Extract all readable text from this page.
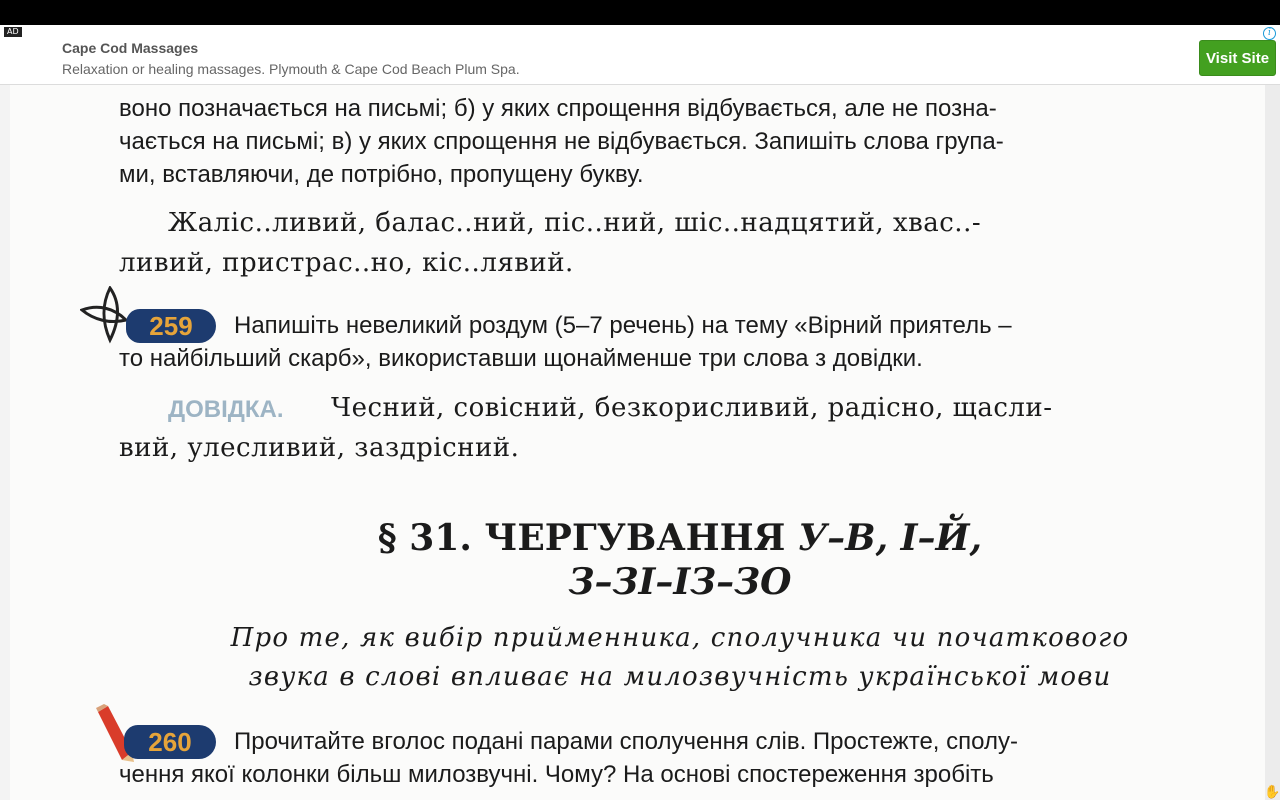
воно позначається на письмі; б) у яких спрощення відбувається, але не позна-
чається на письмі; в) у яких спрощення не відбувається. Запишіть слова група-
ми, вставляючи, де потрібно, пропущену букву.
Жаліс..ливий, балас..ний, піс..ний, шіс..надцятий, хвас..-
ливий, пристрас..но, кіс..лявий.
259	Напишіть невеликий роздум (5–7 речень) на тему «Вірний приятель –
то найбільший скарб», використавши щонайменше три слова з довідки.
ДОВІДКА. Чесний, совісний, безкорисливий, радісно, щасли-
вий, улесливий, заздрісний.
§ 31. ЧЕРГУВАННЯ У–В, І–Й,
З–ЗІ–ІЗ–ЗО
Про те, як вибір прийменника, сполучника чи початкового
звука в слові впливає на милозвучність української мови
260	Прочитайте вголос подані парами сполучення слів. Простежте, сполу-
чення якої колонки більш милозвучні. Чому? На основі спостереження зробіть
AD
Cape Cod Massages
Relaxation or healing massages. Plymouth & Cape Cod Beach Plum Spa.
i
Visit Site
✋
